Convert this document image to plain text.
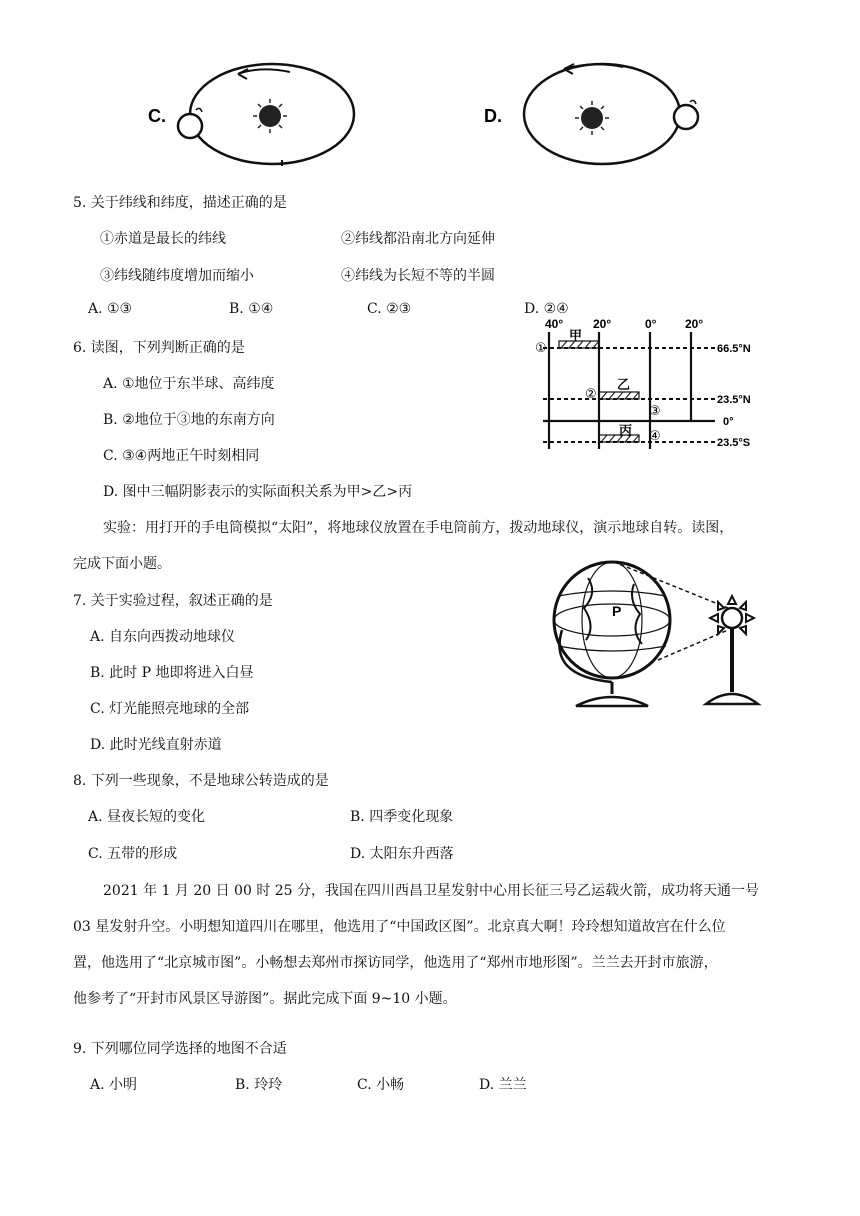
C.	D.
5. 关于纬线和纬度，描述正确的是
①赤道是最长的纬线	②纬线都沿南北方向延伸
③纬线随纬度增加而缩小	④纬线为长短不等的半圆
A. ①③	B. ①④	C. ②③	D. ②④
6. 读图，下列判断正确的是
A. ①地位于东半球、高纬度
B. ②地位于③地的东南方向
C. ③④两地正午时刻相同
D. 图中三幅阴影表示的实际面积关系为甲>乙>丙
40° 20°	0° 20°
甲
乙
丙
①
②
③
④
66.5°N
23.5°N
0°
23.5°S
实验：用打开的手电筒模拟“太阳”，将地球仪放置在手电筒前方，拨动地球仪，演示地球自转。读图，
完成下面小题。
P
7. 关于实验过程，叙述正确的是
A. 自东向西拨动地球仪
B. 此时 P 地即将进入白昼
C. 灯光能照亮地球的全部
D. 此时光线直射赤道
8. 下列一些现象，不是地球公转造成的是
A. 昼夜长短的变化	B. 四季变化现象
C. 五带的形成	D. 太阳东升西落
2021 年 1 月 20 日 00 时 25 分，我国在四川西昌卫星发射中心用长征三号乙运载火箭，成功将天通一号
03 星发射升空。小明想知道四川在哪里，他选用了“中国政区图”。北京真大啊！玲玲想知道故宫在什么位
置，他选用了“北京城市图”。小畅想去郑州市探访同学，他选用了“郑州市地形图”。兰兰去开封市旅游，
他参考了“开封市风景区导游图”。据此完成下面 9~10 小题。
9. 下列哪位同学选择的地图不合适
A. 小明	B. 玲玲	C. 小畅	D. 兰兰
